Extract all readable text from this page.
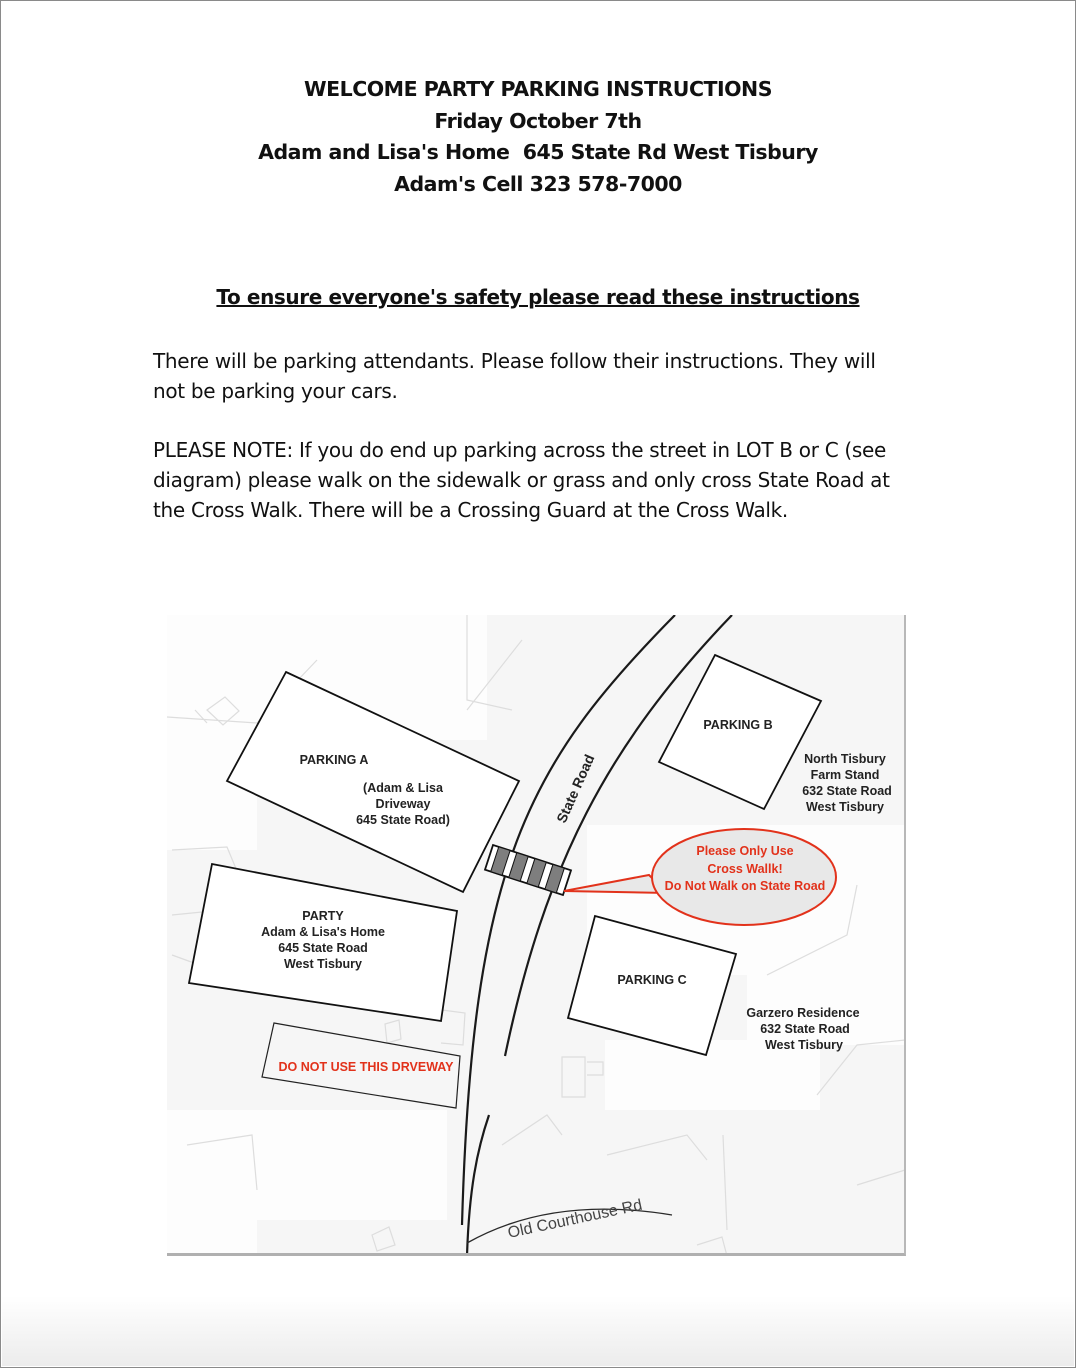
WELCOME PARTY PARKING INSTRUCTIONS
Friday October 7th
Adam and Lisa's Home  645 State Rd West Tisbury
Adam's Cell 323 578-7000
To ensure everyone's safety please read these instructions
There will be parking attendants. Please follow their instructions. They will not be parking your cars.
PLEASE NOTE: If you do end up parking across the street in LOT B or C (see diagram) please walk on the sidewalk or grass and only cross State Road at the Cross Walk. There will be a Crossing Guard at the Cross Walk.
PARKING A
(Adam & Lisa
Driveway
645 State Road)
PARTY
Adam & Lisa's Home
645 State Road
West Tisbury
DO NOT USE THIS DRVEWAY
PARKING B
PARKING C
North Tisbury
Farm Stand
632 State Road
West Tisbury
Garzero Residence
632 State Road
West Tisbury
Please Only Use
Cross Wallk!
Do Not Walk on State Road
State Road
Old Courthouse Rd
